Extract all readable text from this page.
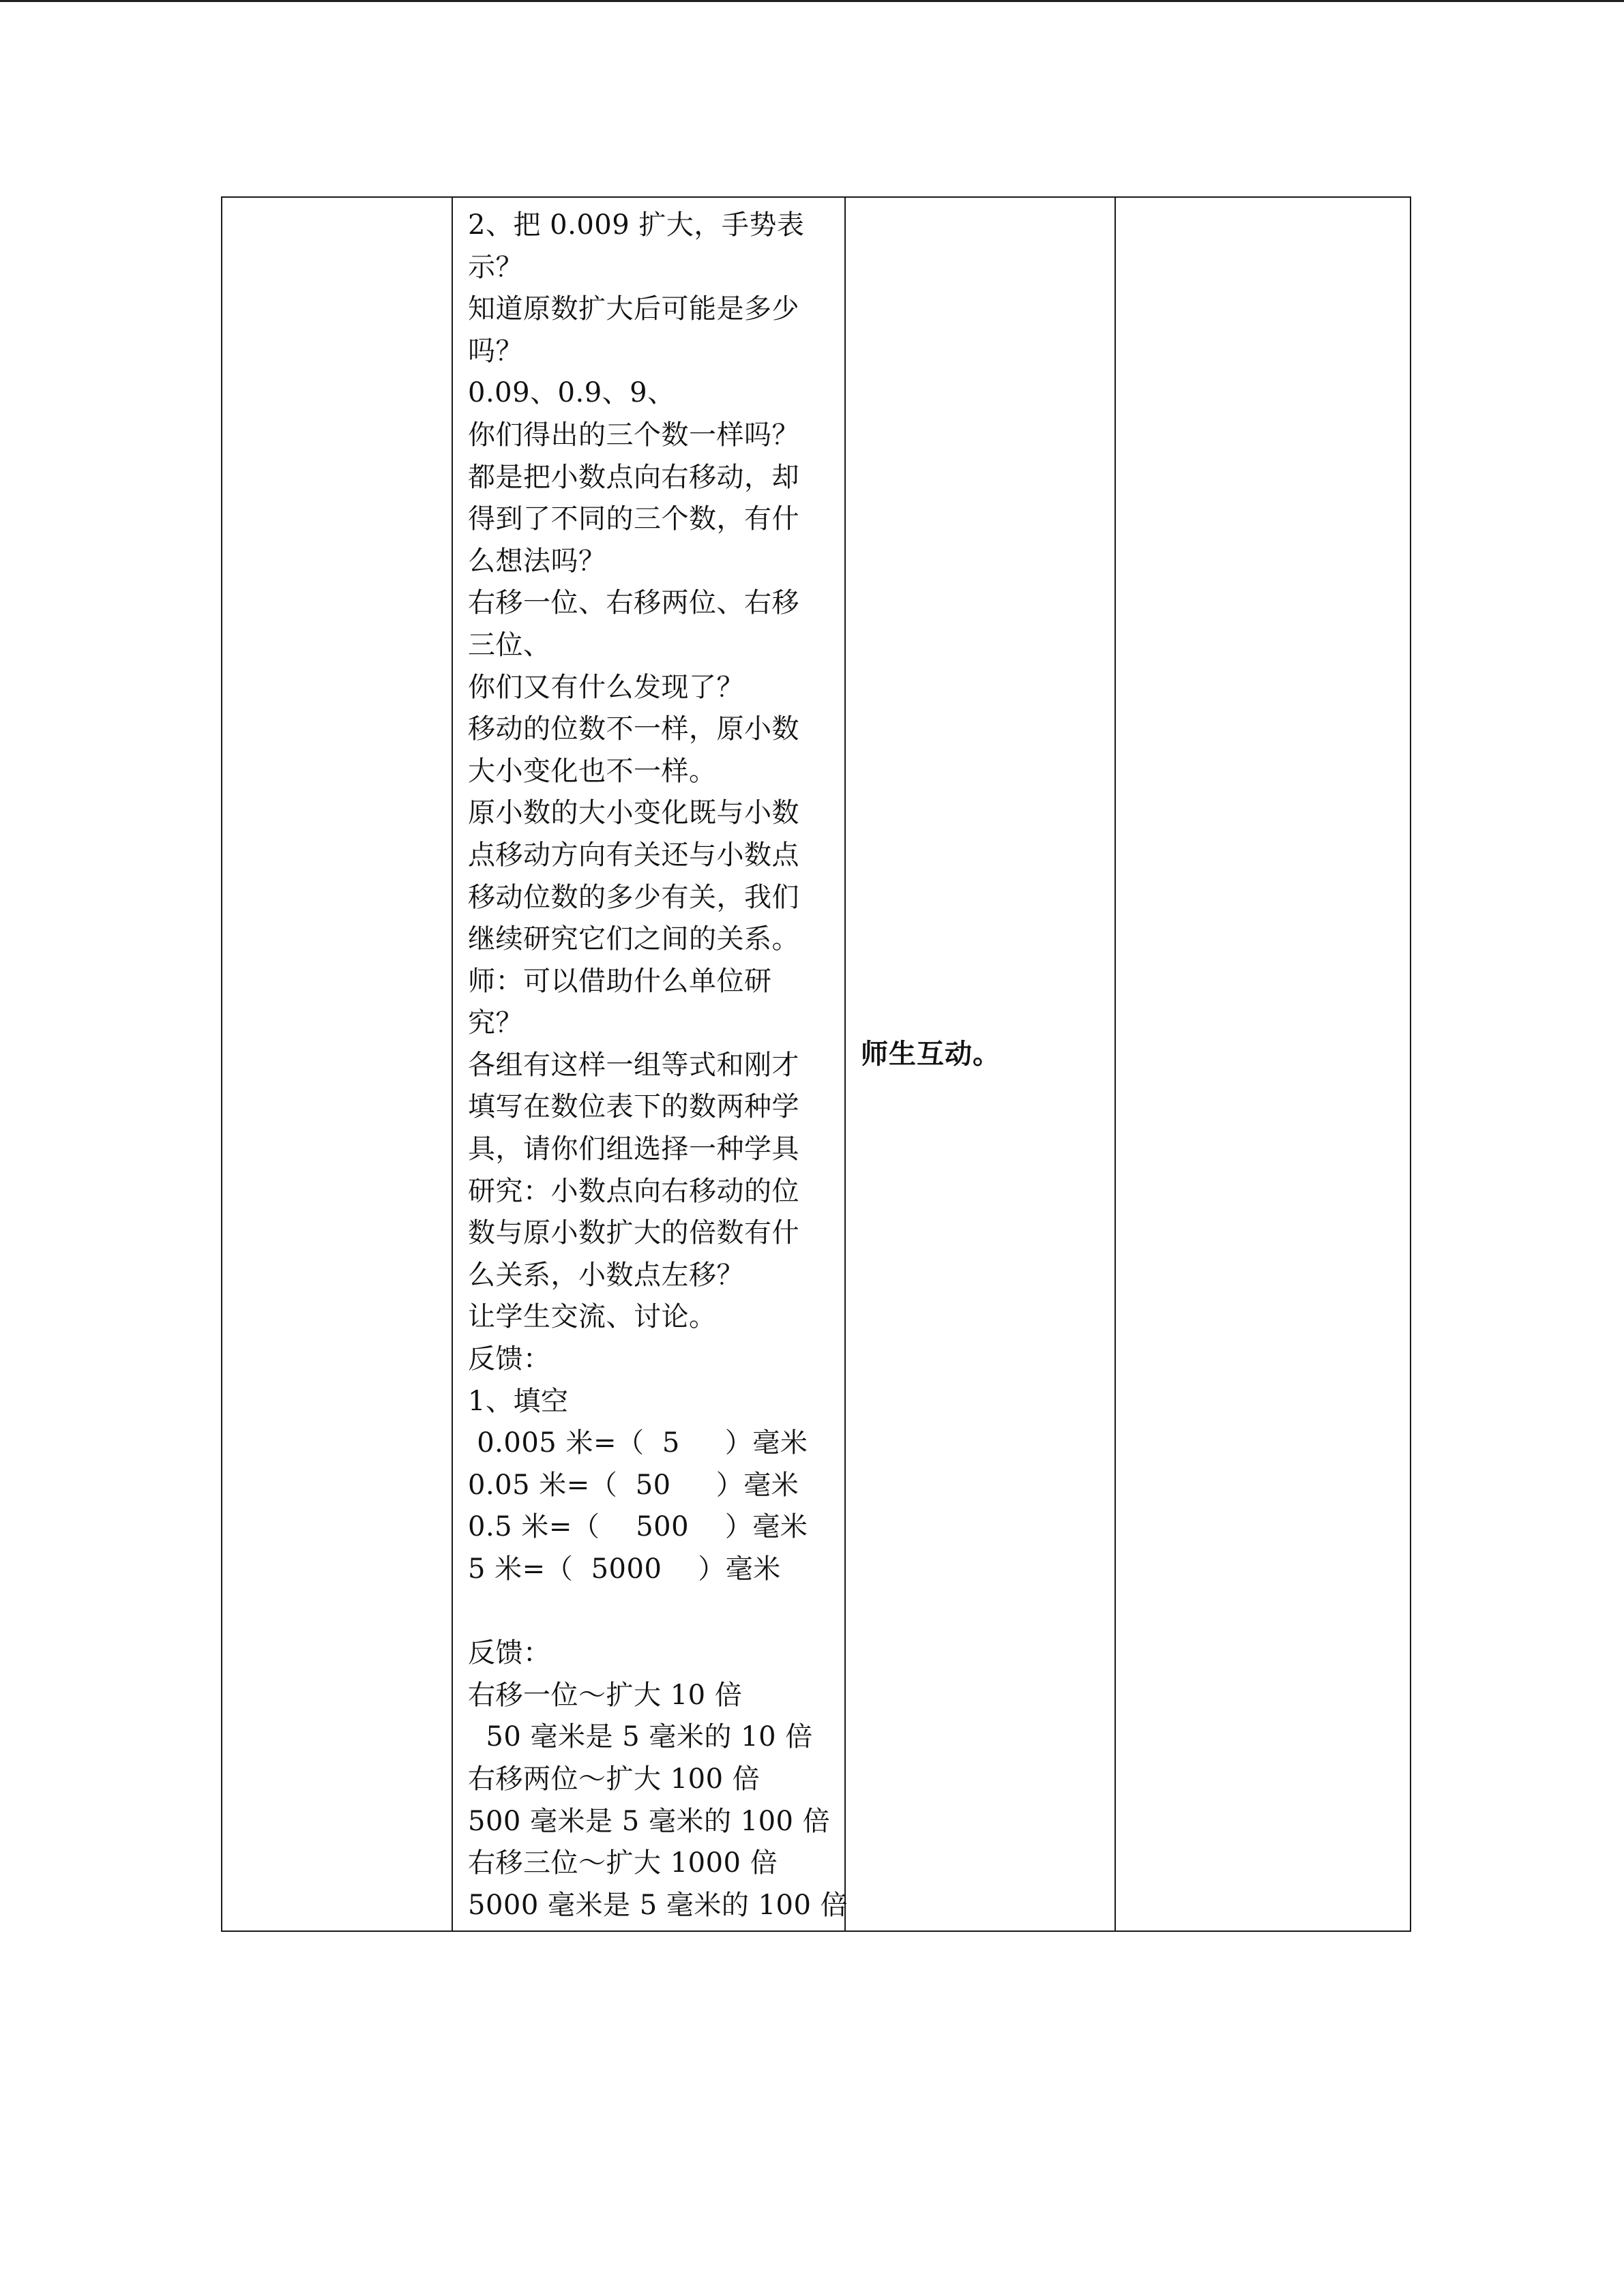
2、把 0.009 扩大，手势表
示？
知道原数扩大后可能是多少
吗？
0.09、0.9、9、
你们得出的三个数一样吗？
都是把小数点向右移动，却
得到了不同的三个数，有什
么想法吗？
右移一位、右移两位、右移
三位、
你们又有什么发现了？
移动的位数不一样，原小数
大小变化也不一样。
原小数的大小变化既与小数
点移动方向有关还与小数点
移动位数的多少有关，我们
继续研究它们之间的关系。
师：可以借助什么单位研
究？
各组有这样一组等式和刚才
填写在数位表下的数两种学
具，请你们组选择一种学具
研究：小数点向右移动的位
数与原小数扩大的倍数有什
么关系，小数点左移？
让学生交流、讨论。
反馈：
1、填空
0.005 米=（  5     ）毫米
0.05 米=（  50     ）毫米
0.5 米=（    500    ）毫米
5 米=（  5000    ）毫米
反馈：
右移一位～扩大 10 倍
50 毫米是 5 毫米的 10 倍
右移两位～扩大 100 倍
500 毫米是 5 毫米的 100 倍
右移三位～扩大 1000 倍
5000 毫米是 5 毫米的 100 倍

师生互动。
